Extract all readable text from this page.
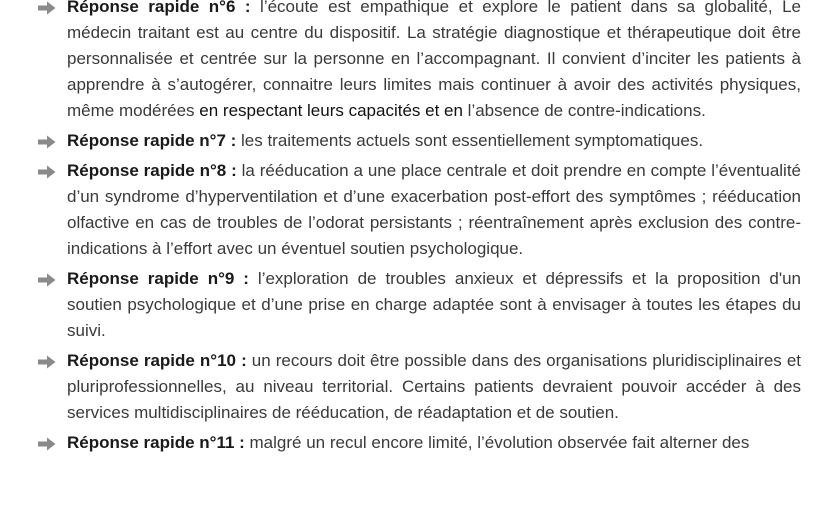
Réponse rapide n°6 : l’écoute est empathique et explore le patient dans sa globalité, Le médecin traitant est au centre du dispositif. La stratégie diagnostique et thérapeutique doit être personnalisée et centrée sur la personne en l’accompagnant. Il convient d’inciter les patients à apprendre à s’autogérer, connaitre leurs limites mais continuer à avoir des activités physiques, même modérées en respectant leurs capacités et en l’absence de contre-indications.
Réponse rapide n°7 : les traitements actuels sont essentiellement symptomatiques.
Réponse rapide n°8 : la rééducation a une place centrale et doit prendre en compte l’éventualité d’un syndrome d’hyperventilation et d’une exacerbation post-effort des symptômes ; rééducation olfactive en cas de troubles de l’odorat persistants ; réentraînement après exclusion des contre-indications à l’effort avec un éventuel soutien psychologique.
Réponse rapide n°9 : l’exploration de troubles anxieux et dépressifs et la proposition d'un soutien psychologique et d’une prise en charge adaptée sont à envisager à toutes les étapes du suivi.
Réponse rapide n°10 : un recours doit être possible dans des organisations pluridisciplinaires et pluriprofessionnelles, au niveau territorial. Certains patients devraient pouvoir accéder à des services multidisciplinaires de rééducation, de réadaptation et de soutien.
Réponse rapide n°11 : malgré un recul encore limité, l’évolution observée fait alterner des
